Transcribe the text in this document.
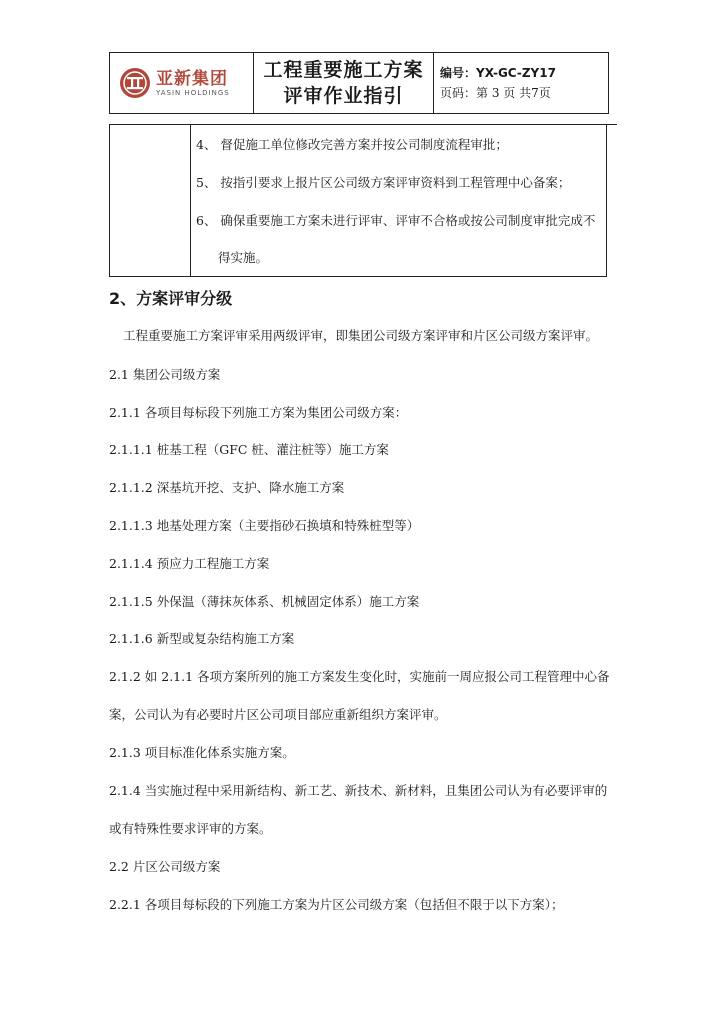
亚新集团
YASIN HOLDINGS
工程重要施工方案
评审作业指引
编号：YX-GC-ZY17
页码：第 3 页 共7页
4、 督促施工单位修改完善方案并按公司制度流程审批；
5、 按指引要求上报片区公司级方案评审资料到工程管理中心备案；
6、 确保重要施工方案未进行评审、评审不合格或按公司制度审批完成不
得实施。
2、方案评审分级
工程重要施工方案评审采用两级评审，即集团公司级方案评审和片区公司级方案评审。
2.1 集团公司级方案
2.1.1 各项目每标段下列施工方案为集团公司级方案：
2.1.1.1 桩基工程（GFC 桩、灌注桩等）施工方案
2.1.1.2 深基坑开挖、支护、降水施工方案
2.1.1.3 地基处理方案（主要指砂石换填和特殊桩型等）
2.1.1.4 预应力工程施工方案
2.1.1.5 外保温（薄抹灰体系、机械固定体系）施工方案
2.1.1.6 新型或复杂结构施工方案
2.1.2 如 2.1.1 各项方案所列的施工方案发生变化时，实施前一周应报公司工程管理中心备
案，公司认为有必要时片区公司项目部应重新组织方案评审。
2.1.3 项目标准化体系实施方案。
2.1.4 当实施过程中采用新结构、新工艺、新技术、新材料，且集团公司认为有必要评审的
或有特殊性要求评审的方案。
2.2 片区公司级方案
2.2.1 各项目每标段的下列施工方案为片区公司级方案（包括但不限于以下方案）；
